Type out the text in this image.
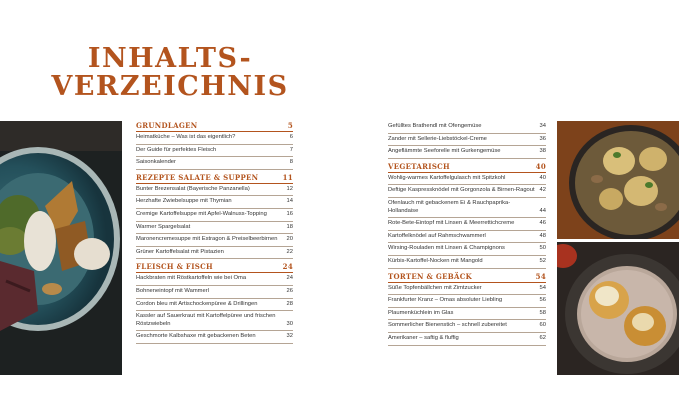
INHALTS-
VERZEICHNIS
GRUNDLAGEN	5
Heimatküche – Was ist das eigentlich?	6
Der Guide für perfektes Fleisch	7
Saisonkalender	8
REZEPTE SALATE & SUPPEN	11
Bunter Brezensalat (Bayerische Panzanella)	12
Herzhafte Zwiebelsuppe mit Thymian	14
Cremige Kartoffelsuppe mit Apfel-Walnuss-Topping	16
Warmer Spargelsalat	18
Maronencremesuppe mit Estragon & Preiselbeerbirnen 20
Grüner Kartoffelsalat mit Pistazien	22
FLEISCH & FISCH	24
Hackbraten mit Röstkartoffeln wie bei Oma	24
Bohneneintopf mit Wammerl	26
Cordon bleu mit Artischockenpüree & Drillingen	28
Kassler auf Sauerkraut mit Kartoffelpüree und frischen Röstzwiebeln	30
Geschmorte Kalbshaxe mit gebackenen Beten	32
Gefülltes Brathendl mit Ofengemüse	34
Zander mit Sellerie-Liebstöckel-Creme	36
Angeflämmte Seeforelle mit Gurkengemüse	38
VEGETARISCH	40
Wohlig-warmes Kartoffelgulasch mit Spitzkohl	40
Deftige Kaspressknödel mit Gorgonzola & Birnen-Ragout 42
Ofenlauch mit gebackenem Ei & Rauchpaprika-Hollandaise	44
Rote-Bete-Eintopf mit Linsen & Meerrettichcreme	46
Kartoffelknödel auf Rahmschwammerl	48
Wirsing-Rouladen mit Linsen & Champignons	50
Kürbis-Kartoffel-Nocken mit Mangold	52
TORTEN & GEBÄCK	54
Süße Topfenbällchen mit Zimtzucker	54
Frankfurter Kranz – Omas absoluter Liebling	56
Plaumenküchlein im Glas	58
Sommerlicher Bienenstich – schnell zubereitet	60
Amerikaner – saftig & fluffig	62
